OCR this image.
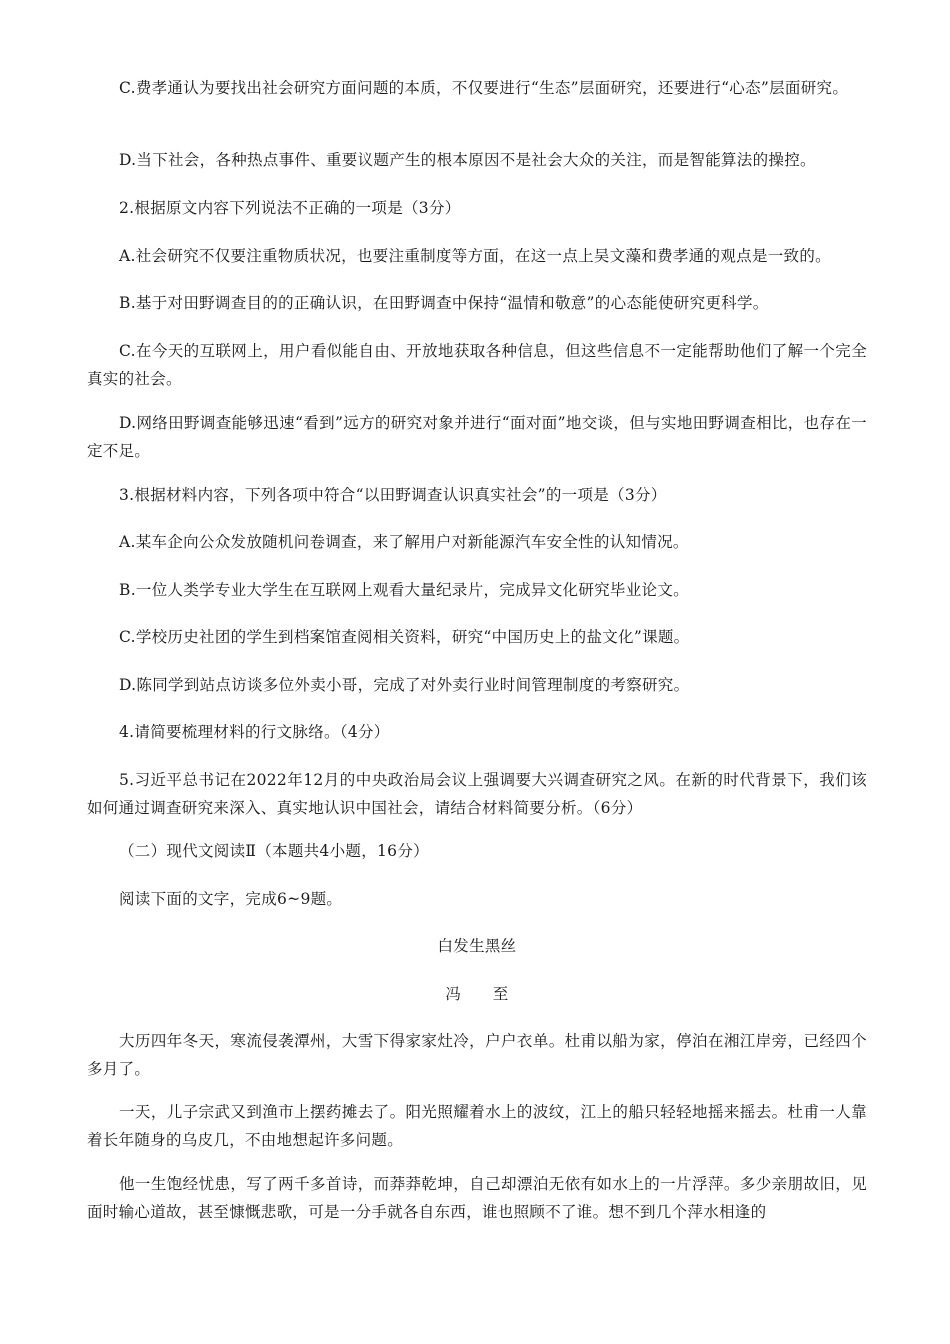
C.费孝通认为要找出社会研究方面问题的本质，不仅要进行“生态”层面研究，还要进行“心态”层面研究。

D.当下社会，各种热点事件、重要议题产生的根本原因不是社会大众的关注，而是智能算法的操控。

2.根据原文内容下列说法不正确的一项是（3分）

A.社会研究不仅要注重物质状况，也要注重制度等方面，在这一点上吴文藻和费孝通的观点是一致的。

B.基于对田野调查目的的正确认识，在田野调查中保持“温情和敬意”的心态能使研究更科学。

C.在今天的互联网上，用户看似能自由、开放地获取各种信息，但这些信息不一定能帮助他们了解一个完全真实的社会。

D.网络田野调查能够迅速“看到”远方的研究对象并进行“面对面”地交谈，但与实地田野调查相比，也存在一定不足。

3.根据材料内容，下列各项中符合“以田野调查认识真实社会”的一项是（3分）

A.某车企向公众发放随机问卷调查，来了解用户对新能源汽车安全性的认知情况。

B.一位人类学专业大学生在互联网上观看大量纪录片，完成异文化研究毕业论文。

C.学校历史社团的学生到档案馆查阅相关资料，研究“中国历史上的盐文化”课题。

D.陈同学到站点访谈多位外卖小哥，完成了对外卖行业时间管理制度的考察研究。

4.请简要梳理材料的行文脉络。（4分）

5.习近平总书记在2022年12月的中央政治局会议上强调要大兴调查研究之风。在新的时代背景下，我们该如何通过调查研究来深入、真实地认识中国社会，请结合材料简要分析。（6分）

（二）现代文阅读Ⅱ（本题共4小题，16分）

阅读下面的文字，完成6~9题。

白发生黑丝

冯　　至

大历四年冬天，寒流侵袭潭州，大雪下得家家灶冷，户户衣单。杜甫以船为家，停泊在湘江岸旁，已经四个多月了。

一天，儿子宗武又到渔市上摆药摊去了。阳光照耀着水上的波纹，江上的船只轻轻地摇来摇去。杜甫一人靠着长年随身的乌皮几，不由地想起许多问题。

他一生饱经忧患，写了两千多首诗，而莽莽乾坤，自己却漂泊无依有如水上的一片浮萍。多少亲朋故旧，见面时输心道故，甚至慷慨悲歌，可是一分手就各自东西，谁也照顾不了谁。想不到几个萍水相逢的
